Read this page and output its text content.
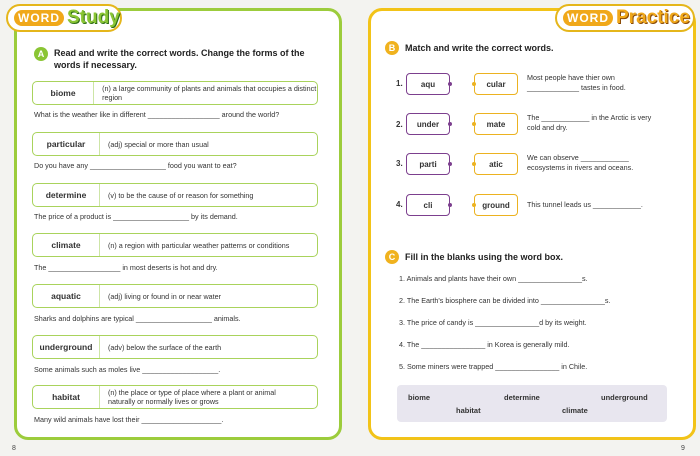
WORD Study
A	Read and write the correct words. Change the forms of the words if necessary.
biome	(n) a large community of plants and animals that occupies a distinct region
What is the weather like in different __________________ around the world?
particular	(adj) special or more than usual
Do you have any ___________________ food you want to eat?
determine	(v) to be the cause of or reason for something
The price of a product is ___________________ by its demand.
climate	(n) a region with particular weather patterns or conditions
The __________________ in most deserts is hot and dry.
aquatic	(adj) living or found in or near water
Sharks and dolphins are typical ___________________ animals.
underground	(adv) below the surface of the earth
Some animals such as moles live ___________________.
habitat	(n) the place or type of place where a plant or animal naturally or normally lives or grows
Many wild animals have lost their ____________________.
8
WORD Practice
B	Match and write the correct words.
1.	aqu	cular
Most people have thier own _____________ tastes in food.
2.	under	mate
The ____________ in the Arctic is very cold and dry.
3.	parti	atic
We can observe ____________ ecosystems in rivers and oceans.
4.	cli	ground	This tunnel leads us ____________.
C	Fill in the blanks using the word box.
1. Animals and plants have their own ________________s.
2. The Earth's biosphere can be divided into ________________s.
3. The price of candy is ________________d by its weight.
4. The ________________ in Korea is generally mild.
5. Some miners were trapped ________________ in Chile.
biome	determine	underground
habitat	climate
9
